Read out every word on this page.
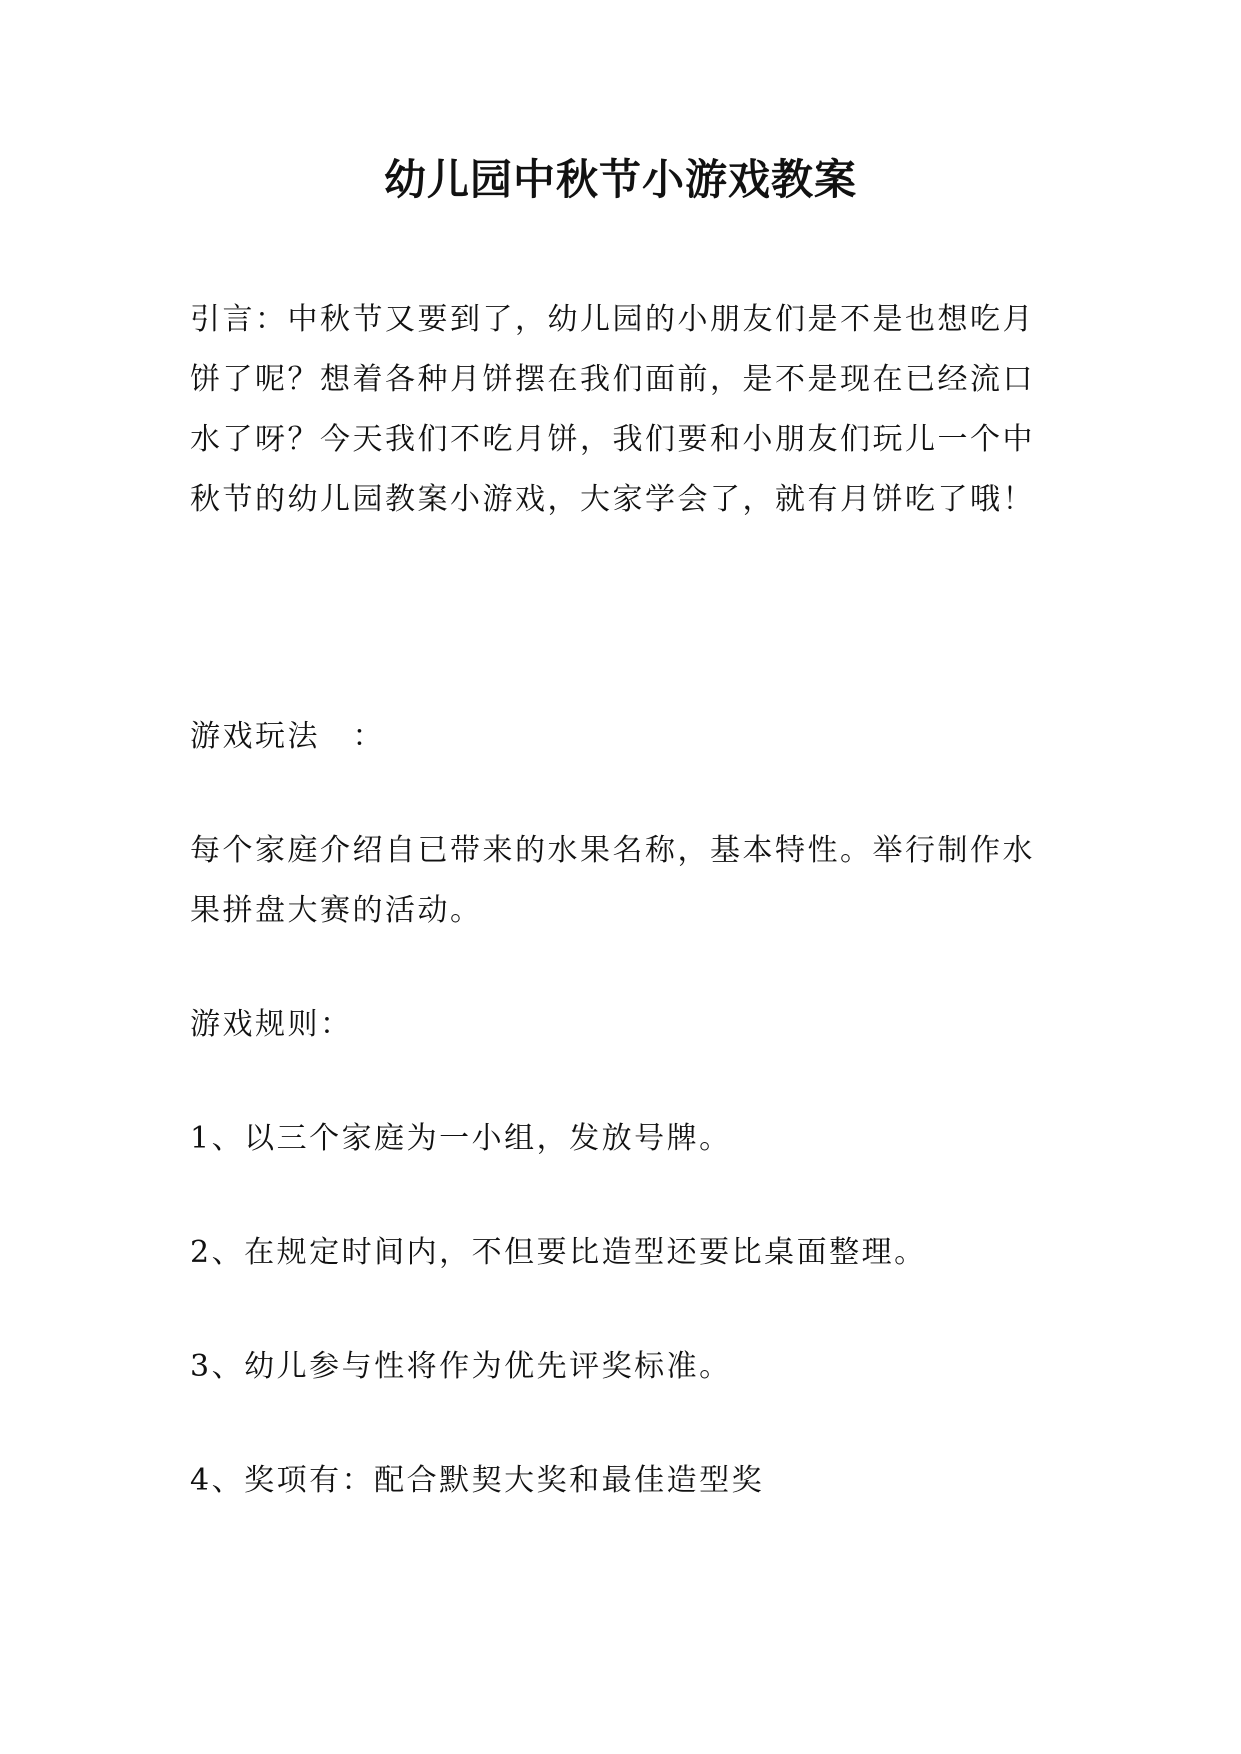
幼儿园中秋节小游戏教案

引言：中秋节又要到了，幼儿园的小朋友们是不是也想吃月饼了呢？想着各种月饼摆在我们面前，是不是现在已经流口水了呀？今天我们不吃月饼，我们要和小朋友们玩儿一个中秋节的幼儿园教案小游戏，大家学会了，就有月饼吃了哦！

游戏玩法　：

每个家庭介绍自已带来的水果名称，基本特性。举行制作水果拼盘大赛的活动。

游戏规则：

1、以三个家庭为一小组，发放号牌。

2、在规定时间内，不但要比造型还要比桌面整理。

3、幼儿参与性将作为优先评奖标准。

4、奖项有：配合默契大奖和最佳造型奖
